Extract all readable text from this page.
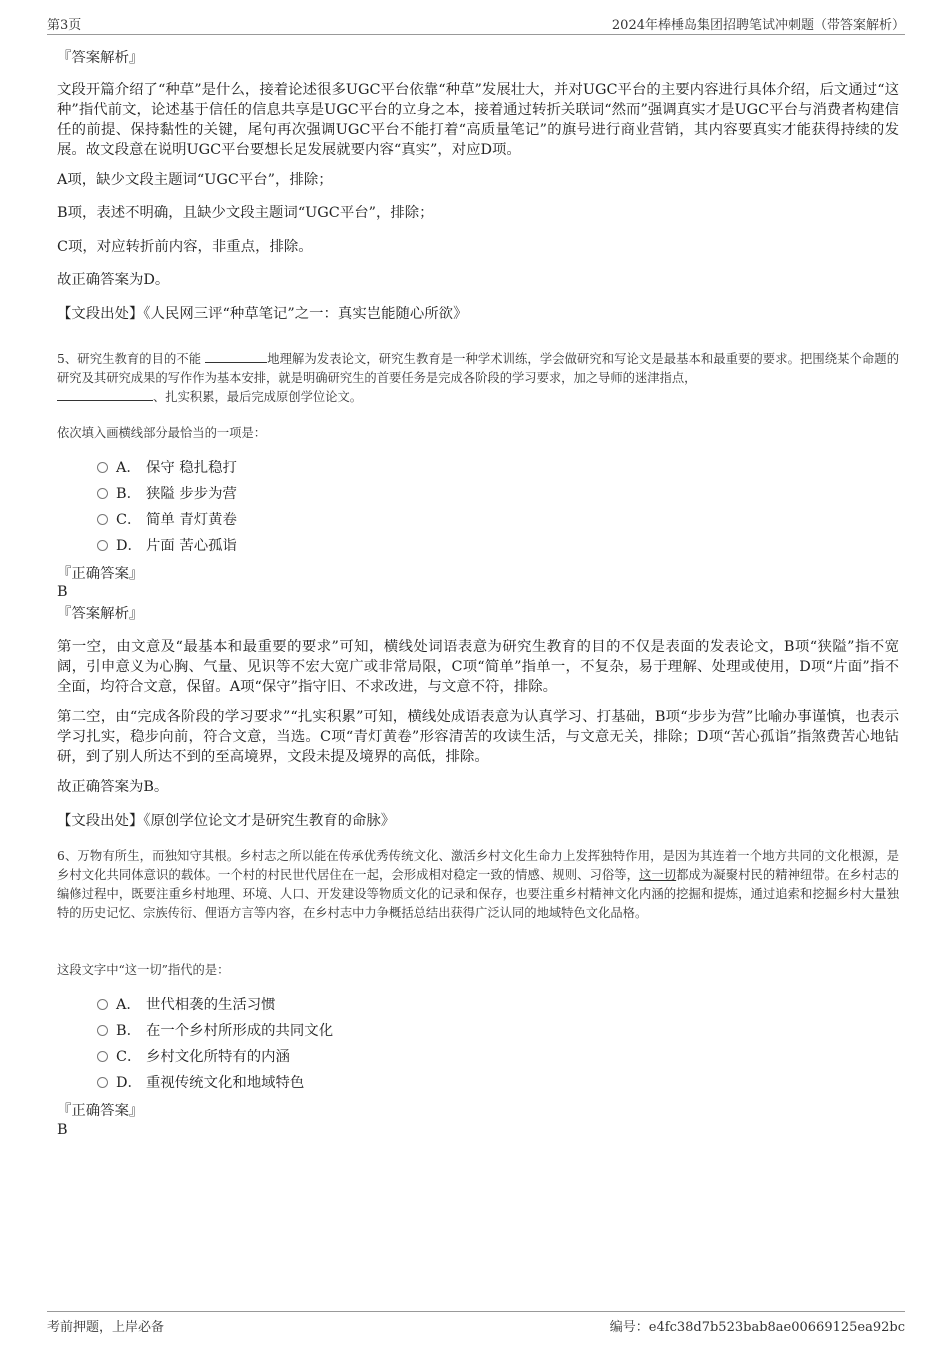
第3页	2024年棒棰岛集团招聘笔试冲刺题（带答案解析）
『答案解析』

文段开篇介绍了“种草”是什么，接着论述很多UGC平台依靠“种草”发展壮大，并对UGC平台的主要内容进行具体介绍，后文通过“这种”指代前文，论述基于信任的信息共享是UGC平台的立身之本，接着通过转折关联词“然而”强调真实才是UGC平台与消费者构建信任的前提、保持黏性的关键，尾句再次强调UGC平台不能打着“高质量笔记”的旗号进行商业营销，其内容要真实才能获得持续的发展。故文段意在说明UGC平台要想长足发展就要内容“真实”，对应D项。

A项，缺少文段主题词“UGC平台”，排除；
B项，表述不明确，且缺少文段主题词“UGC平台”，排除；
C项，对应转折前内容，非重点，排除。
故正确答案为D。
【文段出处】《人民网三评“种草笔记”之一：真实岂能随心所欲》

5、研究生教育的目的不能	地理解为发表论文，研究生教育是一种学术训练，学会做研究和写论文是最基本和最重要的要求。把围绕某个命题的研究及其研究成果的写作作为基本安排，就是明确研究生的首要任务是完成各阶段的学习要求，加之导师的迷津指点，
、扎实积累，最后完成原创学位论文。

依次填入画横线部分最恰当的一项是：
A． 保守 稳扎稳打
B． 狭隘 步步为营
C． 简单 青灯黄卷
D． 片面 苦心孤诣
『正确答案』
B
『答案解析』

第一空，由文意及“最基本和最重要的要求”可知，横线处词语表意为研究生教育的目的不仅是表面的发表论文，B项“狭隘”指不宽阔，引申意义为心胸、气量、见识等不宏大宽广或非常局限，C项“简单”指单一，不复杂，易于理解、处理或使用，D项“片面”指不全面，均符合文意，保留。A项“保守”指守旧、不求改进，与文意不符，排除。

第二空，由“完成各阶段的学习要求”“扎实积累”可知，横线处成语表意为认真学习、打基础，B项“步步为营”比喻办事谨慎，也表示学习扎实，稳步向前，符合文意，当选。C项“青灯黄卷”形容清苦的攻读生活，与文意无关，排除；D项“苦心孤诣”指煞费苦心地钻研，到了别人所达不到的至高境界，文段未提及境界的高低，排除。

故正确答案为B。
【文段出处】《原创学位论文才是研究生教育的命脉》

6、万物有所生，而独知守其根。乡村志之所以能在传承优秀传统文化、激活乡村文化生命力上发挥独特作用，是因为其连着一个地方共同的文化根源，是乡村文化共同体意识的载体。一个村的村民世代居住在一起，会形成相对稳定一致的情感、规则、习俗等，这一切都成为凝聚村民的精神纽带。在乡村志的编修过程中，既要注重乡村地理、环境、人口、开发建设等物质文化的记录和保存，也要注重乡村精神文化内涵的挖掘和提炼，通过追索和挖掘乡村大量独特的历史记忆、宗族传衍、俚语方言等内容，在乡村志中力争概括总结出获得广泛认同的地域特色文化品格。

这段文字中“这一切”指代的是：
A． 世代相袭的生活习惯
B． 在一个乡村所形成的共同文化
C． 乡村文化所特有的内涵
D． 重视传统文化和地域特色
『正确答案』
B
考前押题，上岸必备	编号：e4fc38d7b523bab8ae00669125ea92bc
